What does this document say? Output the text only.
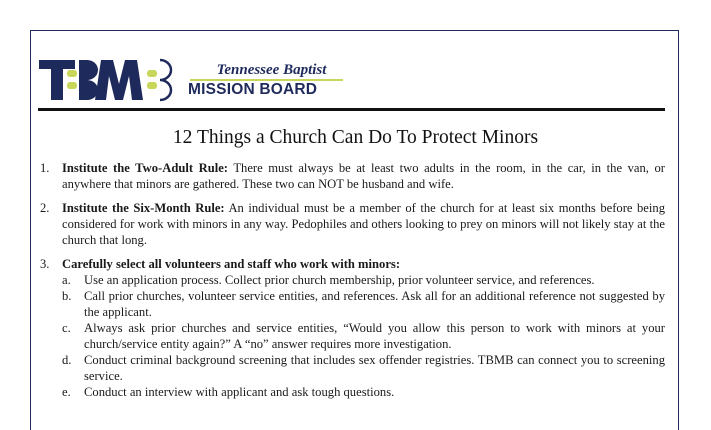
Tennessee Baptist
MISSION BOARD
12 Things a Church Can Do To Protect Minors
1. Institute the Two-Adult Rule: There must always be at least two adults in the room, in the car, in the van, or anywhere that minors are gathered. These two can NOT be husband and wife.
2. Institute the Six-Month Rule: An individual must be a member of the church for at least six months before being considered for work with minors in any way. Pedophiles and others looking to prey on minors will not likely stay at the church that long.
3. Carefully select all volunteers and staff who work with minors:
a. Use an application process. Collect prior church membership, prior volunteer service, and references.
b. Call prior churches, volunteer service entities, and references. Ask all for an additional reference not suggested by the applicant.
c. Always ask prior churches and service entities, “Would you allow this person to work with minors at your church/service entity again?” A “no” answer requires more investigation.
d. Conduct criminal background screening that includes sex offender registries. TBMB can connect you to screening service.
e. Conduct an interview with applicant and ask tough questions.
